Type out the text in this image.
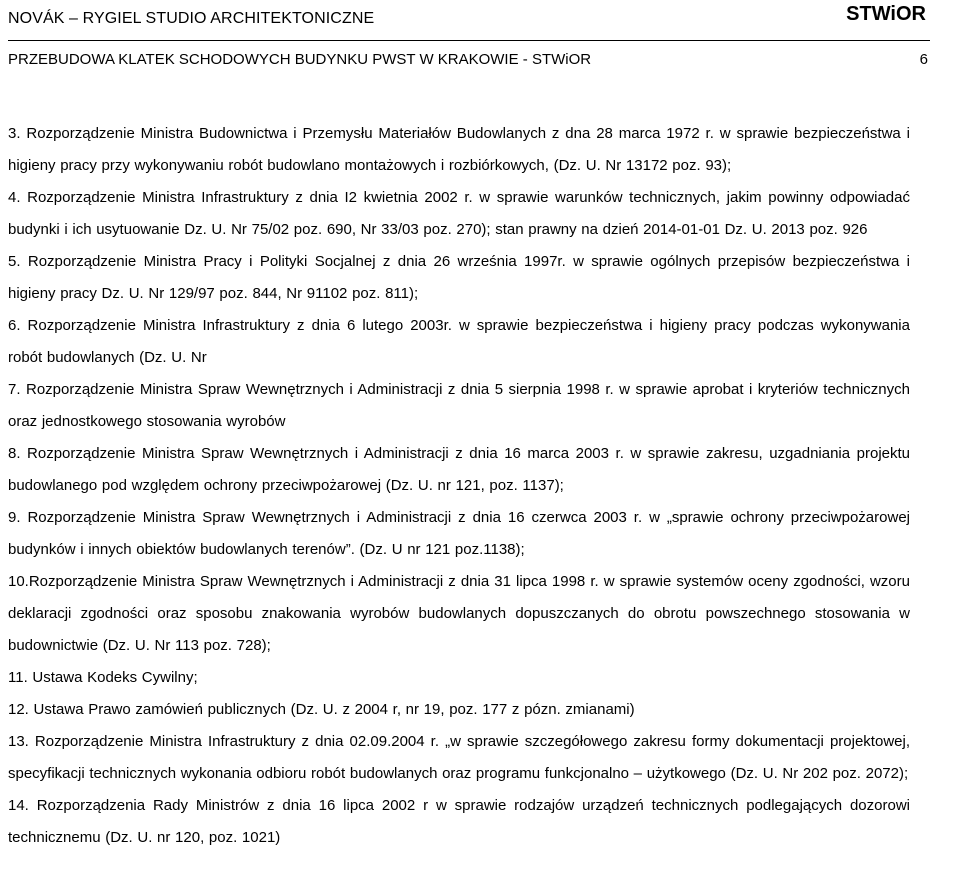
NOVÁK – RYGIEL STUDIO ARCHITEKTONICZNE	STWiOR
PRZEBUDOWA KLATEK SCHODOWYCH BUDYNKU PWST W KRAKOWIE - STWiOR	6

3. Rozporządzenie Ministra Budownictwa i Przemysłu Materiałów Budowlanych z dna 28 marca 1972 r. w sprawie bezpieczeństwa i higieny pracy przy wykonywaniu robót budowlano montażowych i rozbiórkowych, (Dz. U. Nr 13172 poz. 93);

4. Rozporządzenie Ministra Infrastruktury z dnia I2 kwietnia 2002 r. w sprawie warunków technicznych, jakim powinny odpowiadać budynki i ich usytuowanie Dz. U. Nr 75/02 poz. 690, Nr 33/03 poz. 270); stan prawny na dzień 2014-01-01 Dz. U. 2013 poz. 926

5. Rozporządzenie Ministra Pracy i Polityki Socjalnej z dnia 26 września 1997r. w sprawie ogólnych przepisów bezpieczeństwa i higieny pracy Dz. U. Nr 129/97 poz. 844, Nr 91102 poz. 811);

6. Rozporządzenie Ministra Infrastruktury z dnia 6 lutego 2003r. w sprawie bezpieczeństwa i higieny pracy podczas wykonywania robót budowlanych (Dz. U. Nr

7. Rozporządzenie Ministra Spraw Wewnętrznych i Administracji z dnia 5 sierpnia 1998 r. w sprawie aprobat i kryteriów technicznych oraz jednostkowego stosowania wyrobów

8. Rozporządzenie Ministra Spraw Wewnętrznych i Administracji z dnia 16 marca 2003 r. w sprawie zakresu, uzgadniania projektu budowlanego pod względem ochrony przeciwpożarowej (Dz. U. nr 121, poz. 1137);

9. Rozporządzenie Ministra Spraw Wewnętrznych i Administracji z dnia 16 czerwca 2003 r. w „sprawie ochrony przeciwpożarowej budynków i innych obiektów budowlanych terenów”. (Dz. U nr 121 poz.1138);

10.Rozporządzenie Ministra Spraw Wewnętrznych i Administracji z dnia 31 lipca 1998 r. w sprawie systemów oceny zgodności, wzoru deklaracji zgodności oraz sposobu znakowania wyrobów budowlanych dopuszczanych do obrotu powszechnego stosowania w budownictwie (Dz. U. Nr 113 poz. 728);

11. Ustawa Kodeks Cywilny;

12. Ustawa Prawo zamówień publicznych (Dz. U. z 2004 r, nr 19, poz. 177 z pózn. zmianami)

13. Rozporządzenie Ministra Infrastruktury z dnia 02.09.2004 r. „w sprawie szczegółowego zakresu formy dokumentacji projektowej, specyfikacji technicznych wykonania odbioru robót budowlanych oraz programu funkcjonalno – użytkowego (Dz. U. Nr 202 poz. 2072);

14. Rozporządzenia Rady Ministrów z dnia 16 lipca 2002 r w sprawie rodzajów urządzeń technicznych podlegających dozorowi technicznemu (Dz. U. nr 120, poz. 1021)
